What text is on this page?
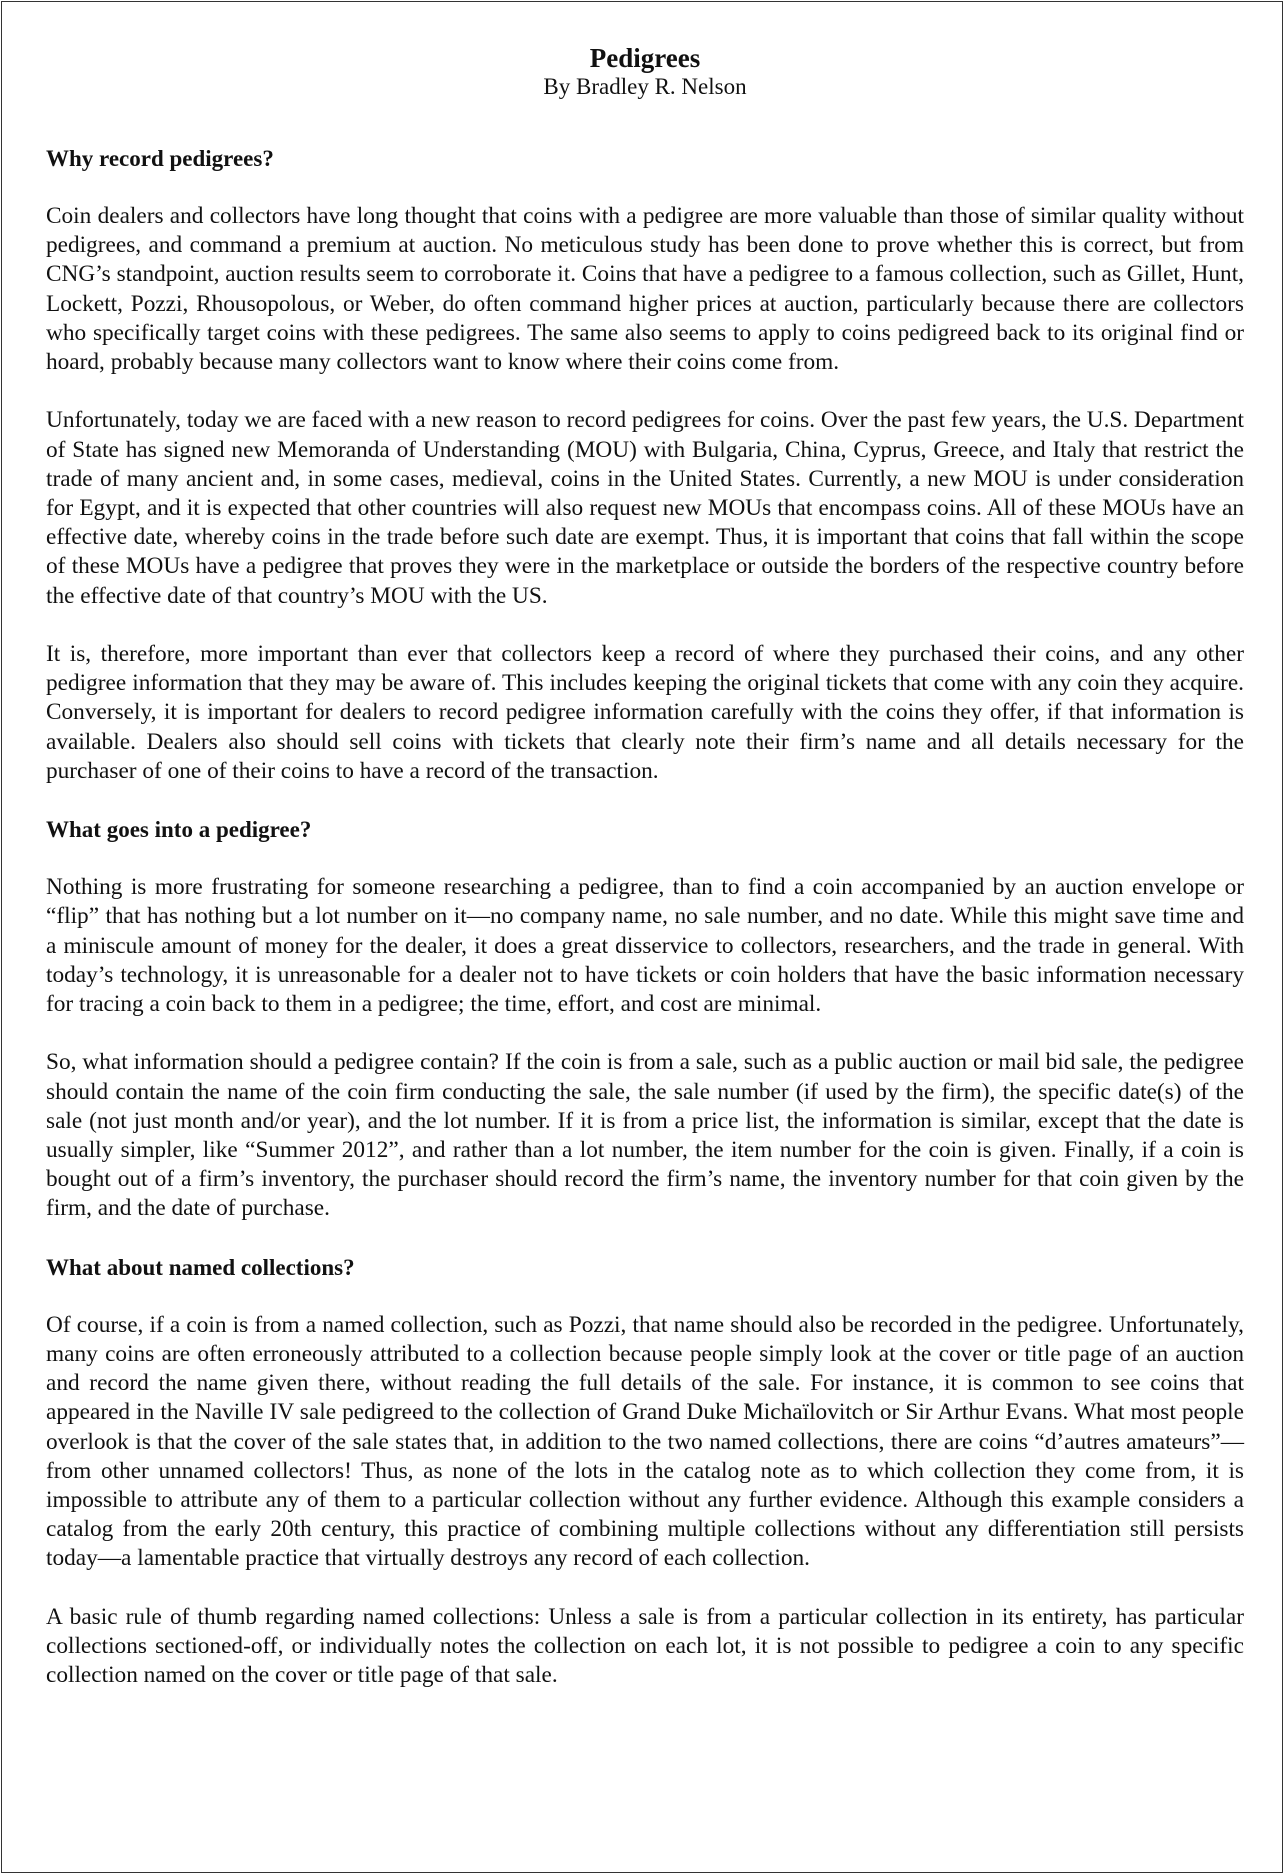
Pedigrees

By Bradley R. Nelson

Why record pedigrees?

Coin dealers and collectors have long thought that coins with a pedigree are more valuable than those of similar quality without pedigrees, and command a premium at auction. No meticulous study has been done to prove whether this is correct, but from CNG’s standpoint, auction results seem to corroborate it. Coins that have a pedigree to a famous collection, such as Gillet, Hunt, Lockett, Pozzi, Rhousopolous, or Weber, do often command higher prices at auction, particularly because there are collectors who specifically target coins with these pedigrees. The same also seems to apply to coins pedigreed back to its original find or hoard, probably because many collectors want to know where their coins come from.

Unfortunately, today we are faced with a new reason to record pedigrees for coins. Over the past few years, the U.S. Department of State has signed new Memoranda of Understanding (MOU) with Bulgaria, China, Cyprus, Greece, and Italy that restrict the trade of many ancient and, in some cases, medieval, coins in the United States. Currently, a new MOU is under consideration for Egypt, and it is expected that other countries will also request new MOUs that encompass coins. All of these MOUs have an effective date, whereby coins in the trade before such date are exempt. Thus, it is important that coins that fall within the scope of these MOUs have a pedigree that proves they were in the marketplace or outside the borders of the respective country before the effective date of that country’s MOU with the US.

It is, therefore, more important than ever that collectors keep a record of where they purchased their coins, and any other pedigree information that they may be aware of. This includes keeping the original tickets that come with any coin they acquire. Conversely, it is important for dealers to record pedigree information carefully with the coins they offer, if that information is available. Dealers also should sell coins with tickets that clearly note their firm’s name and all details necessary for the purchaser of one of their coins to have a record of the transaction.

What goes into a pedigree?

Nothing is more frustrating for someone researching a pedigree, than to find a coin accompanied by an auction envelope or “flip” that has nothing but a lot number on it—no company name, no sale number, and no date. While this might save time and a miniscule amount of money for the dealer, it does a great disservice to collectors, researchers, and the trade in general. With today’s technology, it is unreasonable for a dealer not to have tickets or coin holders that have the basic information necessary for tracing a coin back to them in a pedigree; the time, effort, and cost are minimal.

So, what information should a pedigree contain? If the coin is from a sale, such as a public auction or mail bid sale, the pedigree should contain the name of the coin firm conducting the sale, the sale number (if used by the firm), the specific date(s) of the sale (not just month and/or year), and the lot number. If it is from a price list, the information is similar, except that the date is usually simpler, like “Summer 2012”, and rather than a lot number, the item number for the coin is given. Finally, if a coin is bought out of a firm’s inventory, the purchaser should record the firm’s name, the inventory number for that coin given by the firm, and the date of purchase.

What about named collections?

Of course, if a coin is from a named collection, such as Pozzi, that name should also be recorded in the pedigree. Unfortunately, many coins are often erroneously attributed to a collection because people simply look at the cover or title page of an auction and record the name given there, without reading the full details of the sale. For instance, it is common to see coins that appeared in the Naville IV sale pedigreed to the collection of Grand Duke Michaïlovitch or Sir Arthur Evans. What most people overlook is that the cover of the sale states that, in addition to the two named collections, there are coins “d’autres amateurs”—from other unnamed collectors! Thus, as none of the lots in the catalog note as to which collection they come from, it is impossible to attribute any of them to a particular collection without any further evidence. Although this example considers a catalog from the early 20th century, this practice of combining multiple collections without any differentiation still persists today—a lamentable practice that virtually destroys any record of each collection.

A basic rule of thumb regarding named collections: Unless a sale is from a particular collection in its entirety, has particular collections sectioned-off, or individually notes the collection on each lot, it is not possible to pedigree a coin to any specific collection named on the cover or title page of that sale.
